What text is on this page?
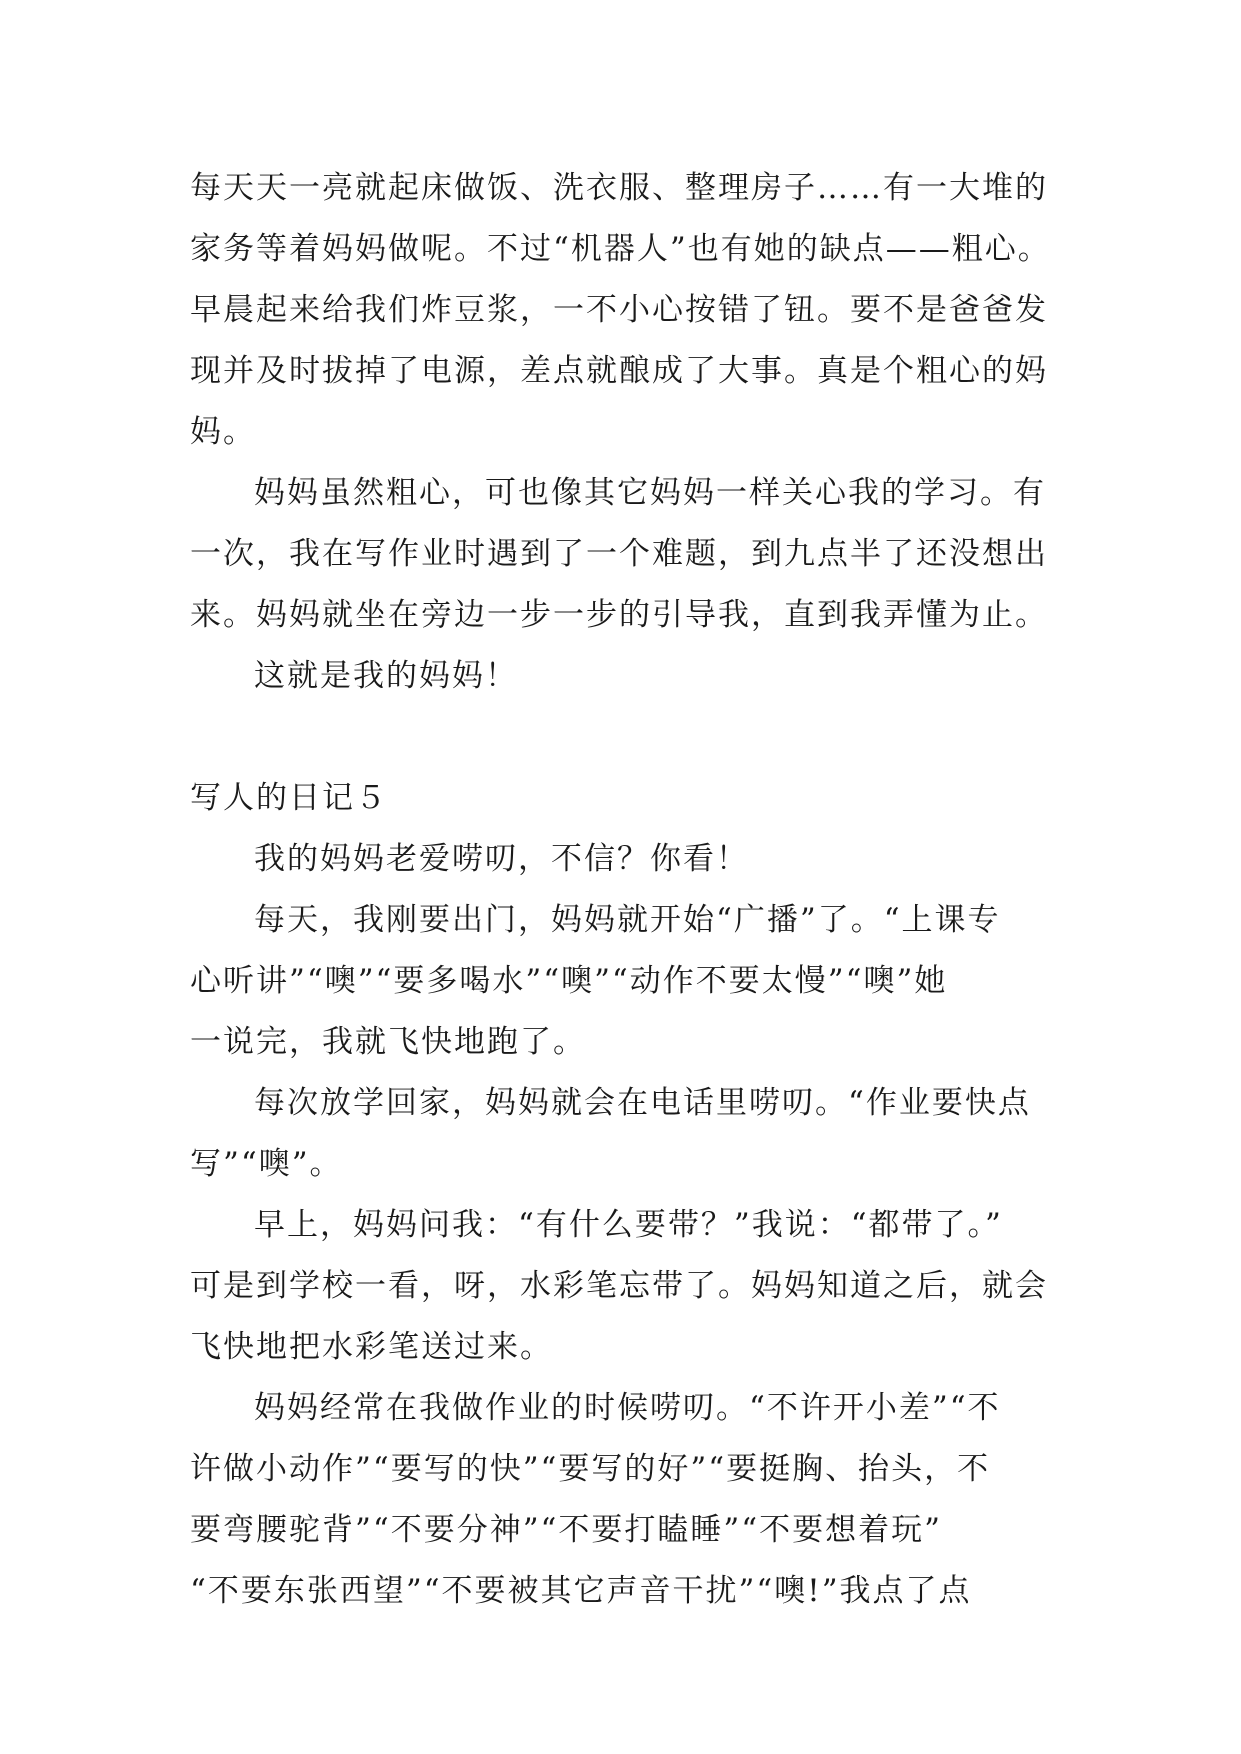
每天天一亮就起床做饭、洗衣服、整理房子……有一大堆的
家务等着妈妈做呢。不过“机器人”也有她的缺点——粗心。
早晨起来给我们炸豆浆，一不小心按错了钮。要不是爸爸发
现并及时拔掉了电源，差点就酿成了大事。真是个粗心的妈
妈。
妈妈虽然粗心，可也像其它妈妈一样关心我的学习。有
一次，我在写作业时遇到了一个难题，到九点半了还没想出
来。妈妈就坐在旁边一步一步的引导我，直到我弄懂为止。
这就是我的妈妈！
写人的日记５
我的妈妈老爱唠叨，不信？你看！
每天，我刚要出门，妈妈就开始“广播”了。“上课专
心听讲”“噢”“要多喝水”“噢”“动作不要太慢”“噢”她
一说完，我就飞快地跑了。
每次放学回家，妈妈就会在电话里唠叨。“作业要快点
写”“噢”。
早上，妈妈问我：“有什么要带？”我说：“都带了。”
可是到学校一看，呀，水彩笔忘带了。妈妈知道之后，就会
飞快地把水彩笔送过来。
妈妈经常在我做作业的时候唠叨。“不许开小差”“不
许做小动作”“要写的快”“要写的好”“要挺胸、抬头，不
要弯腰驼背”“不要分神”“不要打瞌睡”“不要想着玩”
“不要东张西望”“不要被其它声音干扰”“噢!”我点了点
